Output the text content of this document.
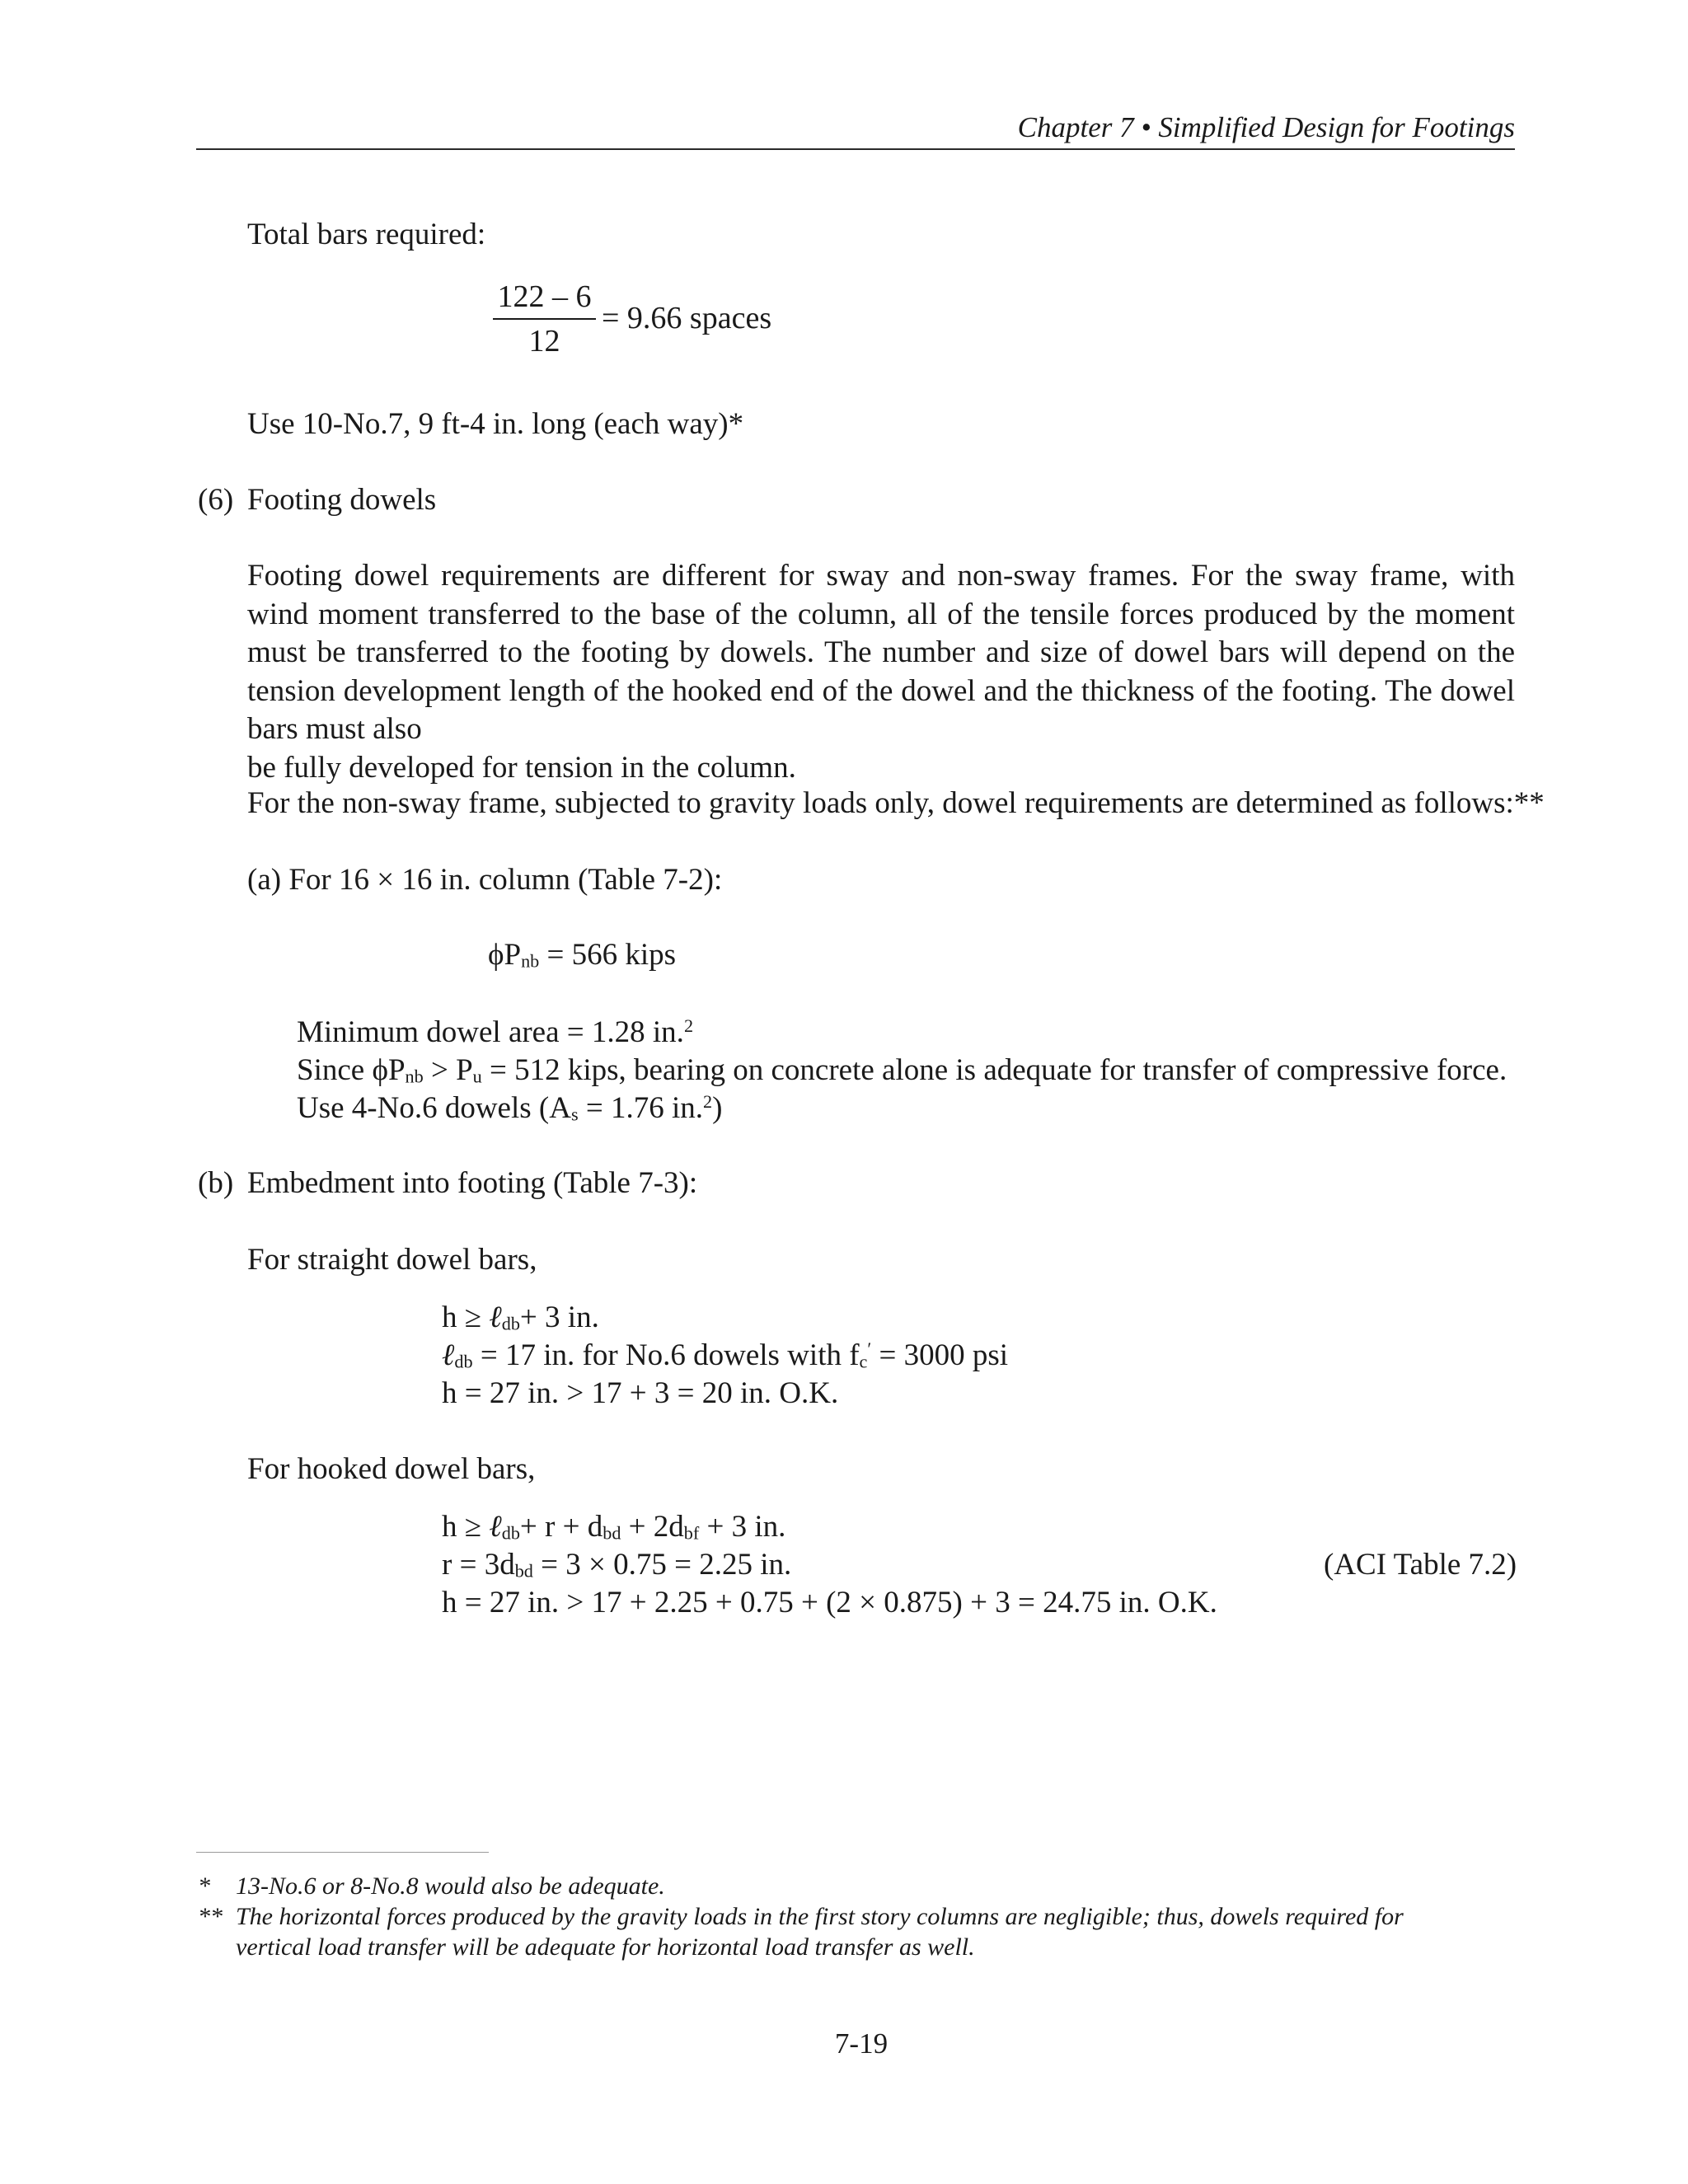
Chapter 7 • Simplified Design for Footings
Total bars required:
122 – 6
12
= 9.66 spaces
Use 10-No.7, 9 ft-4 in. long (each way)*
(6) Footing dowels
Footing dowel requirements are different for sway and non-sway frames. For the sway frame, with wind moment transferred to the base of the column, all of the tensile forces produced by the moment must be transferred to the footing by dowels. The number and size of dowel bars will depend on the tension development length of the hooked end of the dowel and the thickness of the footing. The dowel bars must also
be fully developed for tension in the column.
For the non-sway frame, subjected to gravity loads only, dowel requirements are determined as follows:**
(a) For 16 × 16 in. column (Table 7-2):
$\phi P_{nb} = 566$ kips
Minimum dowel area = 1.28 in.$^2$
Since $\phi P_{nb} > P_u = 512$ kips, bearing on concrete alone is adequate for transfer of compressive force.
Use 4-No.6 dowels ($A_s = 1.76$ in.$^2$)
(b) Embedment into footing (Table 7-3):
For straight dowel bars,
h ≥ ℓ$_{db}$+ 3 in.
ℓ$_{db}$ = 17 in. for No.6 dowels with $f_c' = 3000$ psi
h = 27 in. > 17 + 3 = 20 in. O.K.
For hooked dowel bars,
h ≥ ℓ$_{db}$+ $r + d_{bd} + 2d_{bf} + 3$ in.
$r = 3d_{bd} = 3 \times 0.75 = 2.25$ in.	(ACI Table 7.2)
h = 27 in. > 17 + 2.25 + 0.75 + (2 × 0.875) + 3 = 24.75 in. O.K.
* 13-No.6 or 8-No.8 would also be adequate.
** The horizontal forces produced by the gravity loads in the first story columns are negligible; thus, dowels required for
vertical load transfer will be adequate for horizontal load transfer as well.
7-19
